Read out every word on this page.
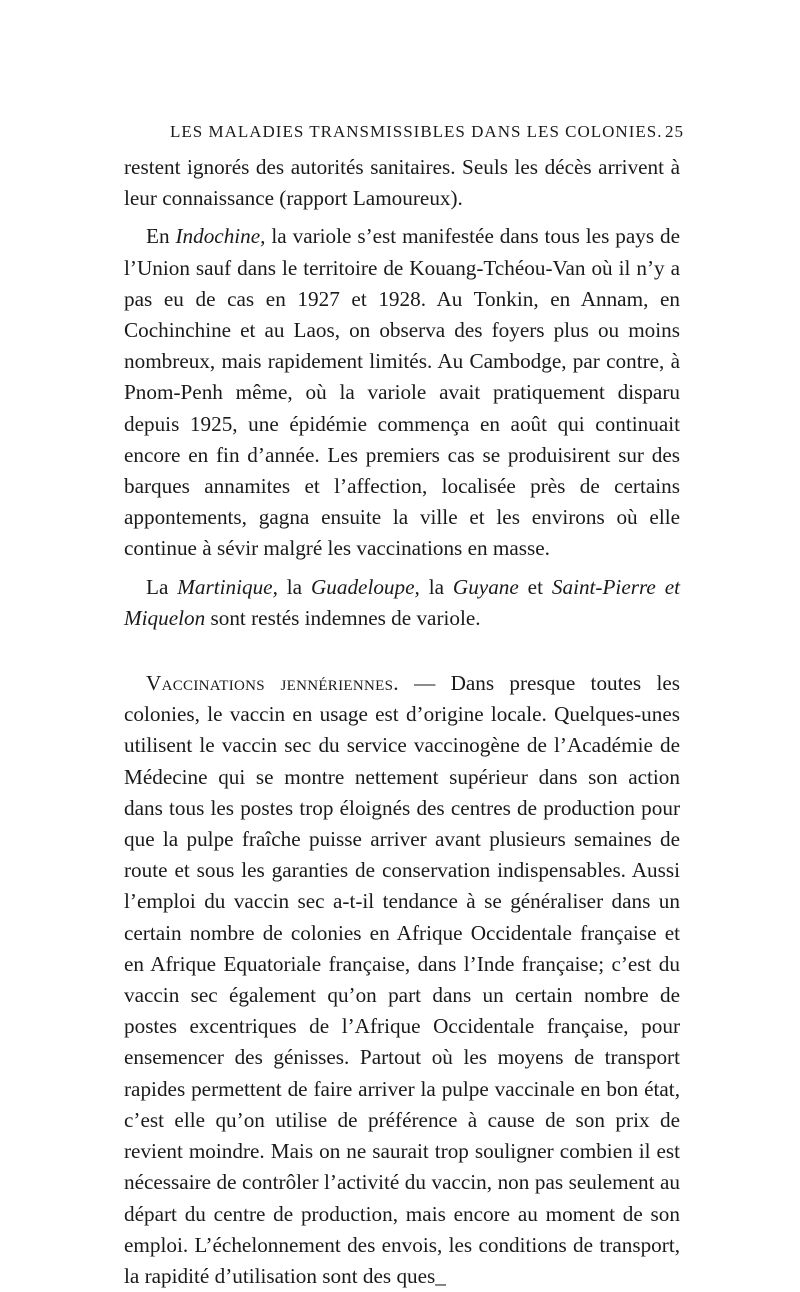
LES MALADIES TRANSMISSIBLES DANS LES COLONIES. 25

restent ignorés des autorités sanitaires. Seuls les décès arrivent à leur connaissance (rapport Lamoureux).

En Indochine, la variole s’est manifestée dans tous les pays de l’Union sauf dans le territoire de Kouang-Tchéou-Van où il n’y a pas eu de cas en 1927 et 1928. Au Tonkin, en Annam, en Cochinchine et au Laos, on observa des foyers plus ou moins nombreux, mais rapidement limités. Au Cambodge, par contre, à Pnom-Penh même, où la variole avait pratiquement disparu depuis 1925, une épidémie commença en août qui continuait encore en fin d’année. Les premiers cas se produisirent sur des barques annamites et l’affection, localisée près de certains appontements, gagna ensuite la ville et les environs où elle continue à sévir malgré les vaccinations en masse.

La Martinique, la Guadeloupe, la Guyane et Saint-Pierre et Miquelon sont restés indemnes de variole.

Vaccinations jennériennes. — Dans presque toutes les colonies, le vaccin en usage est d’origine locale. Quelques-unes utilisent le vaccin sec du service vaccinogène de l’Académie de Médecine qui se montre nettement supérieur dans son action dans tous les postes trop éloignés des centres de production pour que la pulpe fraîche puisse arriver avant plusieurs semaines de route et sous les garanties de conservation indispensables. Aussi l’emploi du vaccin sec a-t-il tendance à se généraliser dans un certain nombre de colonies en Afrique Occidentale française et en Afrique Equatoriale française, dans l’Inde française; c’est du vaccin sec également qu’on part dans un certain nombre de postes excentriques de l’Afrique Occidentale française, pour ensemencer des génisses. Partout où les moyens de transport rapides permettent de faire arriver la pulpe vaccinale en bon état, c’est elle qu’on utilise de préférence à cause de son prix de revient moindre. Mais on ne saurait trop souligner combien il est nécessaire de contrôler l’activité du vaccin, non pas seulement au départ du centre de production, mais encore au moment de son emploi. L’échelonnement des envois, les conditions de transport, la rapidité d’utilisation sont des ques_
